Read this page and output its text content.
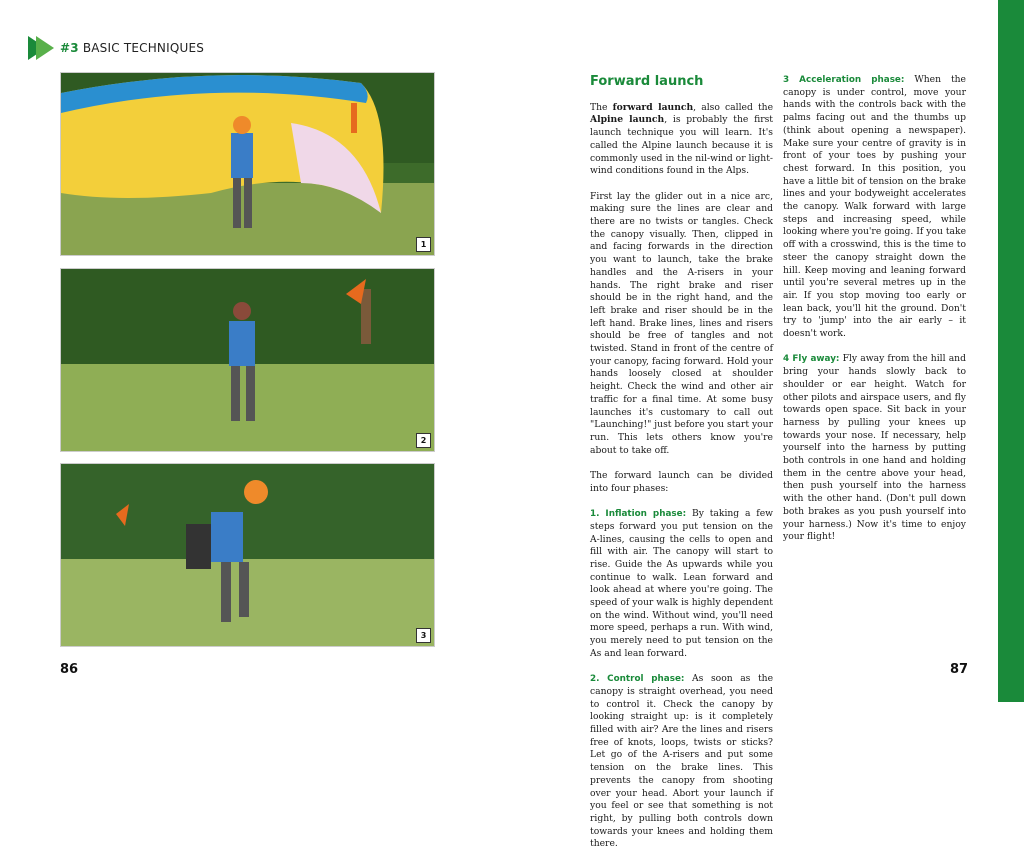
#3 BASIC TECHNIQUES
1
2
3
86

Forward launch

The forward launch, also called the Alpine launch, is probably the first launch technique you will learn. It's called the Alpine launch because it is commonly used in the nil-wind or light-wind conditions found in the Alps.

First lay the glider out in a nice arc, making sure the lines are clear and there are no twists or tangles. Check the canopy visually. Then, clipped in and facing forwards in the direction you want to launch, take the brake handles and the A-risers in your hands. The right brake and riser should be in the right hand, and the left brake and riser should be in the left hand. Brake lines, lines and risers should be free of tangles and not twisted. Stand in front of the centre of your canopy, facing forward. Hold your hands loosely closed at shoulder height. Check the wind and other air traffic for a final time. At some busy launches it's customary to call out "Launching!" just before you start your run. This lets others know you're about to take off.

The forward launch can be divided into four phases:

1. Inflation phase: By taking a few steps forward you put tension on the A-lines, causing the cells to open and fill with air. The canopy will start to rise. Guide the As upwards while you continue to walk. Lean forward and look ahead at where you're going. The speed of your walk is highly dependent on the wind. Without wind, you'll need more speed, perhaps a run. With wind, you merely need to put tension on the As and lean forward.

2. Control phase: As soon as the canopy is straight overhead, you need to control it. Check the canopy by looking straight up: is it completely filled with air? Are the lines and risers free of knots, loops, twists or sticks? Let go of the A-risers and put some tension on the brake lines. This prevents the canopy from shooting over your head. Abort your launch if you feel or see that something is not right, by pulling both controls down towards your knees and holding them there.

3 Acceleration phase: When the canopy is under control, move your hands with the controls back with the palms facing out and the thumbs up (think about opening a newspaper). Make sure your centre of gravity is in front of your toes by pushing your chest forward. In this position, you have a little bit of tension on the brake lines and your bodyweight accelerates the canopy. Walk forward with large steps and increasing speed, while looking where you're going. If you take off with a crosswind, this is the time to steer the canopy straight down the hill. Keep moving and leaning forward until you're several metres up in the air. If you stop moving too early or lean back, you'll hit the ground. Don't try to 'jump' into the air early – it doesn't work.

4 Fly away: Fly away from the hill and bring your hands slowly back to shoulder or ear height. Watch for other pilots and airspace users, and fly towards open space. Sit back in your harness by pulling your knees up towards your nose. If necessary, help yourself into the harness by putting both controls in one hand and holding them in the centre above your head, then push yourself into the harness with the other hand. (Don't pull down both brakes as you push yourself into your harness.) Now it's time to enjoy your flight!

87
